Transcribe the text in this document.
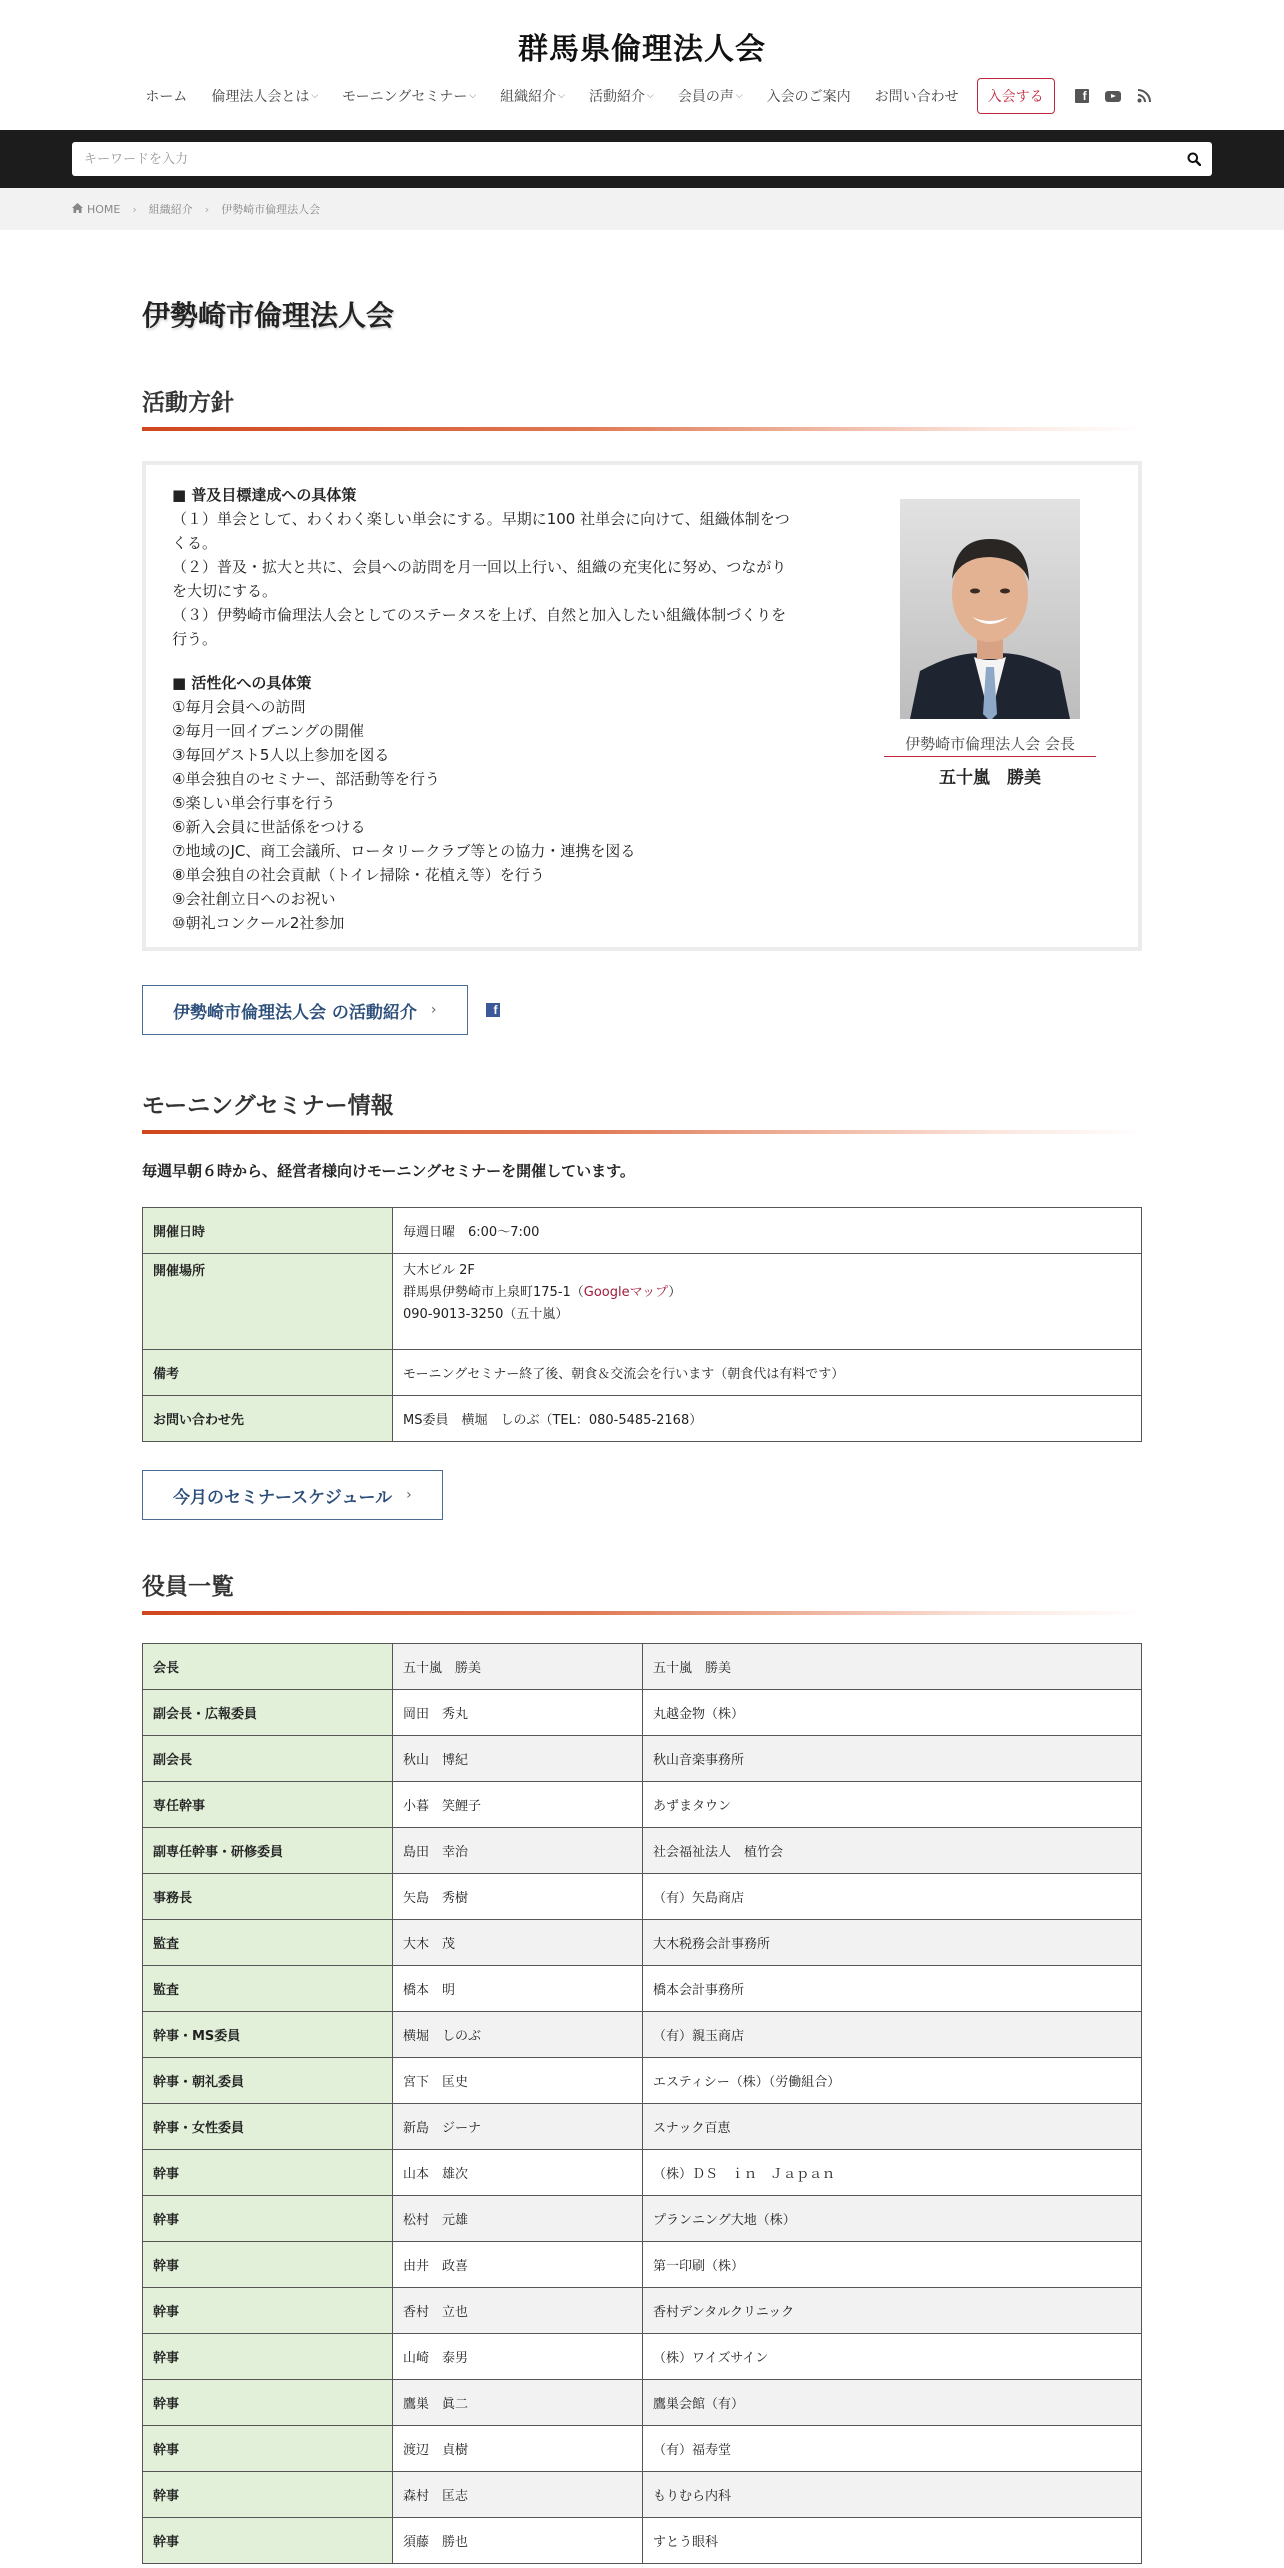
群馬県倫理法人会
ホーム 倫理法人会とは ⌵ モーニングセミナー ⌵ 組織紹介 ⌵ 活動紹介 ⌵ 会員の声 ⌵ 入会のご案内 お問い合わせ	入会する	f
キーワードを入力
HOME › 組織紹介 › 伊勢崎市倫理法人会
伊勢崎市倫理法人会
活動方針
■ 普及目標達成への具体策
（１）単会として、わくわく楽しい単会にする。早期に100 社単会に向けて、組織体制をつ
くる。
（２）普及・拡大と共に、会員への訪問を月一回以上行い、組織の充実化に努め、つながり
を大切にする。
（３）伊勢崎市倫理法人会としてのステータスを上げ、自然と加入したい組織体制づくりを
行う。
■ 活性化への具体策
①毎月会員への訪問
②毎月一回イブニングの開催
③毎回ゲスト5人以上参加を図る
④単会独自のセミナー、部活動等を行う
⑤楽しい単会行事を行う
⑥新入会員に世話係をつける
⑦地域のJC、商工会議所、ロータリークラブ等との協力・連携を図る
⑧単会独自の社会貢献（トイレ掃除・花植え等）を行う
⑨会社創立日へのお祝い
⑩朝礼コンクール2社参加
伊勢崎市倫理法人会 会長
五十嵐　勝美
伊勢崎市倫理法人会 の活動紹介 ›	f
モーニングセミナー情報

毎週早朝６時から、経営者様向けモーニングセミナーを開催しています。

開催日時	毎週日曜　6:00～7:00
開催場所	大木ビル 2F
群馬県伊勢崎市上泉町175-1（Googleマップ）
090-9013-3250（五十嵐）

備考	モーニングセミナー終了後、朝食＆交流会を行います（朝食代は有料です）
お問い合わせ先	MS委員　横堀　しのぶ（TEL：080-5485-2168）
今月のセミナースケジュール ›
役員一覧
会長	五十嵐　勝美	五十嵐　勝美
副会長・広報委員	岡田　秀丸	丸越金物（株）
副会長	秋山　博紀	秋山音楽事務所
専任幹事	小暮　笑鯉子	あずまタウン
副専任幹事・研修委員	島田　幸治	社会福祉法人　植竹会
事務長	矢島　秀樹	（有）矢島商店
監査	大木　茂	大木税務会計事務所
監査	橋本　明	橋本会計事務所
幹事・MS委員	横堀　しのぶ	（有）親玉商店
幹事・朝礼委員	宮下　匡史	エスティシー（株）（労働組合）
幹事・女性委員	新島　ジーナ	スナック百恵
幹事	山本　雄次	（株）ＤＳ　ｉｎ　Ｊａｐａｎ
幹事	松村　元雄	プランニング大地（株）
幹事	由井　政喜	第一印刷（株）
幹事	香村　立也	香村デンタルクリニック
幹事	山崎　泰男	（株）ワイズサイン
幹事	鷹巣　眞二	鷹巣会館（有）
幹事	渡辺　貞樹	（有）福寿堂
幹事	森村　匡志	もりむら内科
幹事	須藤　勝也	すとう眼科
